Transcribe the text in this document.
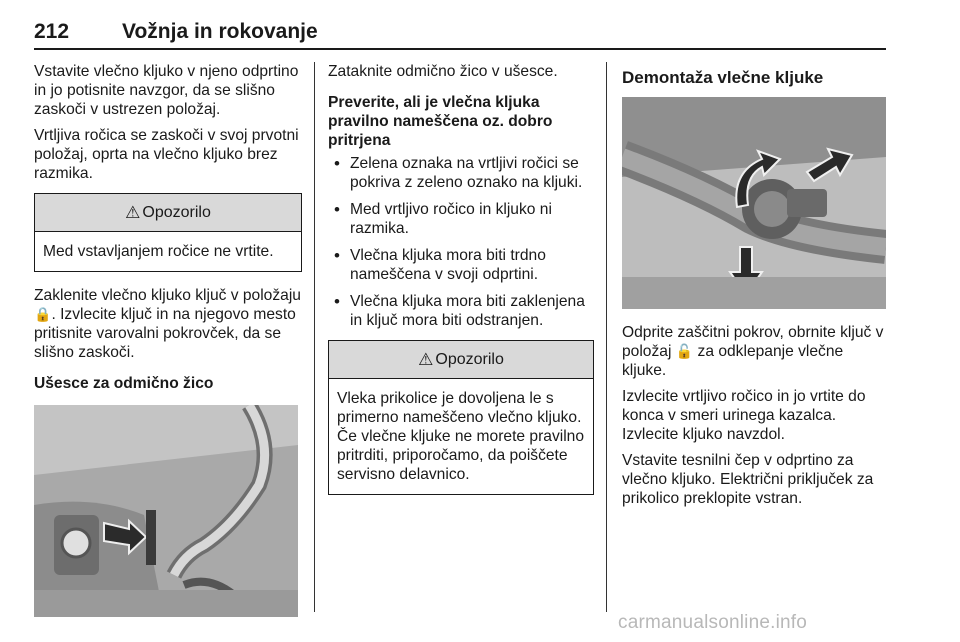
212	Vožnja in rokovanje

Vstavite vlečno kljuko v njeno odprtino in jo potisnite navzgor, da se slišno zaskoči v ustrezen položaj.

Vrtljiva ročica se zaskoči v svoj prvotni položaj, oprta na vlečno kljuko brez razmika.

⚠ Opozorilo
Med vstavljanjem ročice ne vrtite.

Zaklenite vlečno kljuko ključ v položaju 🔒. Izvlecite ključ in na njegovo mesto pritisnite varovalni pokrovček, da se slišno zaskoči.

Ušesce za odmično žico

Zataknite odmično žico v ušesce.

Preverite, ali je vlečna kljuka pravilno nameščena oz. dobro pritrjena

• Zelena oznaka na vrtljivi ročici se pokriva z zeleno oznako na kljuki.
• Med vrtljivo ročico in kljuko ni razmika.
• Vlečna kljuka mora biti trdno nameščena v svoji odprtini.
• Vlečna kljuka mora biti zaklenjena in ključ mora biti odstranjen.
⚠ Opozorilo
Vleka prikolice je dovoljena le s primerno nameščeno vlečno kljuko. Če vlečne kljuke ne morete pravilno pritrditi, priporočamo, da poiščete servisno delavnico.

Demontaža vlečne kljuke

Odprite zaščitni pokrov, obrnite ključ v položaj 🔓 za odklepanje vlečne kljuke.

Izvlecite vrtljivo ročico in jo vrtite do konca v smeri urinega kazalca. Izvlecite kljuko navzdol.

Vstavite tesnilni čep v odprtino za vlečno kljuko. Električni priključek za prikolico preklopite vstran.

carmanualsonline.info
